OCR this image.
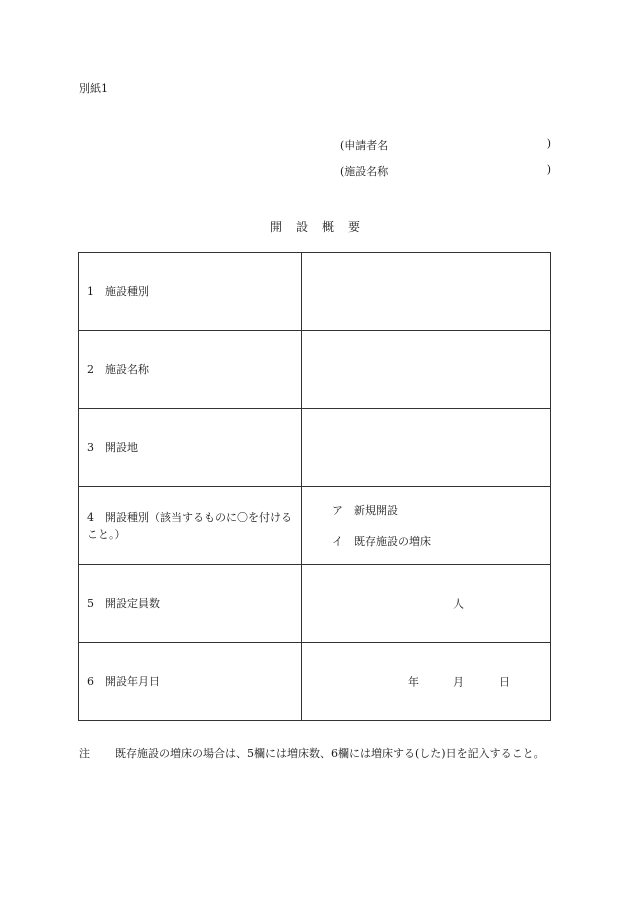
別紙1
(申請者名	)
(施設名称	)
開設概要
1　施設種別	
2　施設名称	
3　開設地	
4　開設種別（該当するものに〇を付けること。）	ア　新規開設
イ　既存施設の増床

5　開設定員数	人

6　開設年月日	年 月 日
注	既存施設の増床の場合は、5欄には増床数、6欄には増床する(した)日を記入すること。
